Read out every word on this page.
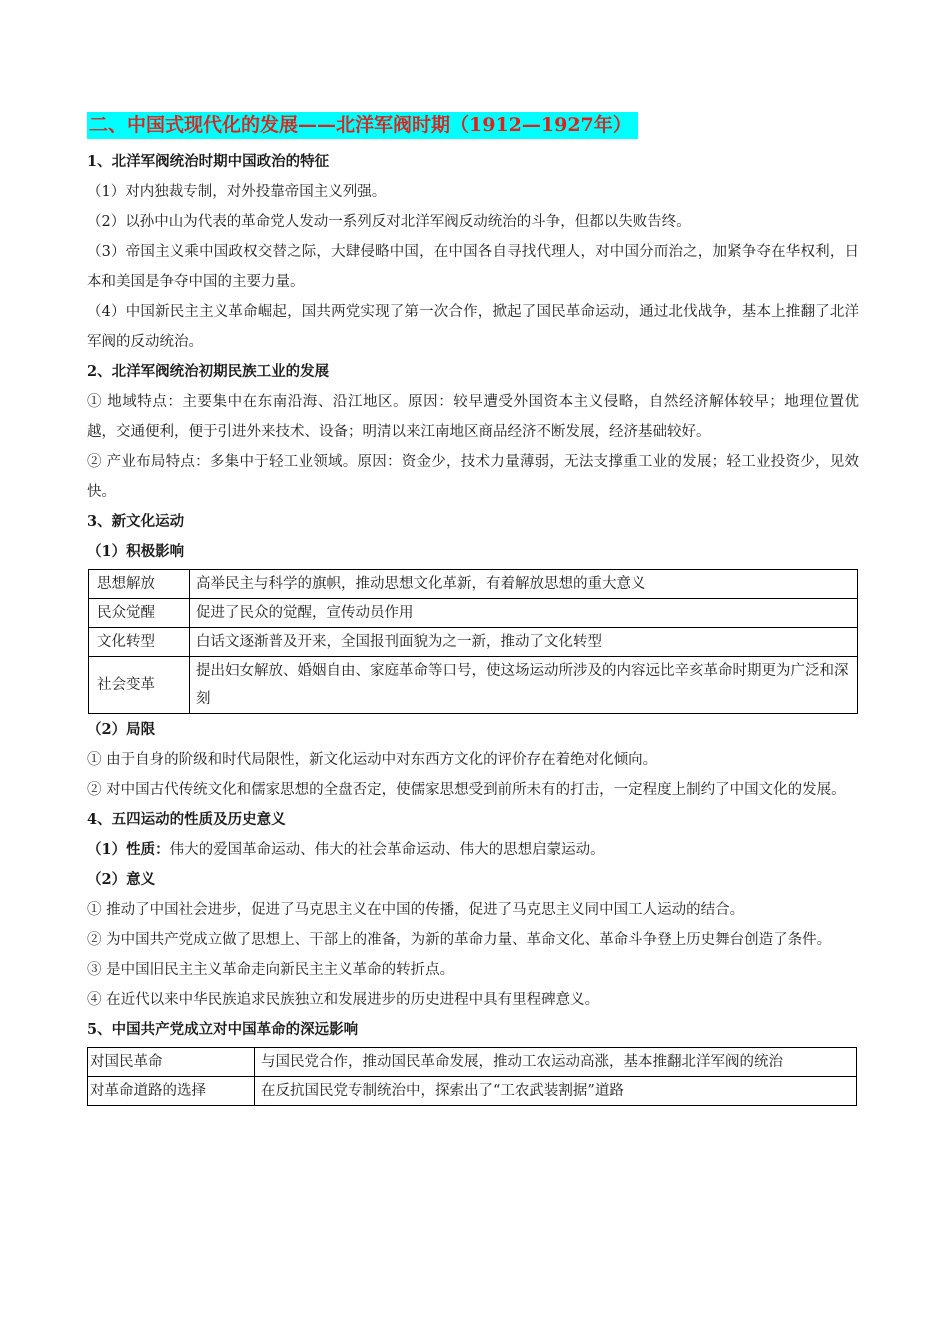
二、中国式现代化的发展——北洋军阀时期（1912—1927年）
1、北洋军阀统治时期中国政治的特征
（1）对内独裁专制，对外投靠帝国主义列强。
（2）以孙中山为代表的革命党人发动一系列反对北洋军阀反动统治的斗争，但都以失败告终。
（3）帝国主义乘中国政权交替之际，大肆侵略中国，在中国各自寻找代理人，对中国分而治之，加紧争夺在华权利，日本和美国是争夺中国的主要力量。
（4）中国新民主主义革命崛起，国共两党实现了第一次合作，掀起了国民革命运动，通过北伐战争，基本上推翻了北洋军阀的反动统治。
2、北洋军阀统治初期民族工业的发展
① 地域特点：主要集中在东南沿海、沿江地区。原因：较早遭受外国资本主义侵略，自然经济解体较早；地理位置优越，交通便利，便于引进外来技术、设备；明清以来江南地区商品经济不断发展，经济基础较好。
② 产业布局特点：多集中于轻工业领域。原因：资金少，技术力量薄弱，无法支撑重工业的发展；轻工业投资少，见效快。
3、新文化运动
（1）积极影响
思想解放	高举民主与科学的旗帜，推动思想文化革新，有着解放思想的重大意义
民众觉醒	促进了民众的觉醒，宣传动员作用
文化转型	白话文逐渐普及开来，全国报刊面貌为之一新，推动了文化转型
社会变革	提出妇女解放、婚姻自由、家庭革命等口号，使这场运动所涉及的内容远比辛亥革命时期更为广泛和深刻
（2）局限
① 由于自身的阶级和时代局限性，新文化运动中对东西方文化的评价存在着绝对化倾向。
② 对中国古代传统文化和儒家思想的全盘否定，使儒家思想受到前所未有的打击，一定程度上制约了中国文化的发展。
4、五四运动的性质及历史意义
（1）性质：伟大的爱国革命运动、伟大的社会革命运动、伟大的思想启蒙运动。
（2）意义
① 推动了中国社会进步，促进了马克思主义在中国的传播，促进了马克思主义同中国工人运动的结合。
② 为中国共产党成立做了思想上、干部上的准备，为新的革命力量、革命文化、革命斗争登上历史舞台创造了条件。
③ 是中国旧民主主义革命走向新民主主义革命的转折点。
④ 在近代以来中华民族追求民族独立和发展进步的历史进程中具有里程碑意义。
5、中国共产党成立对中国革命的深远影响
对国民革命	与国民党合作，推动国民革命发展，推动工农运动高涨，基本推翻北洋军阀的统治
对革命道路的选择	在反抗国民党专制统治中，探索出了“工农武装割据”道路
